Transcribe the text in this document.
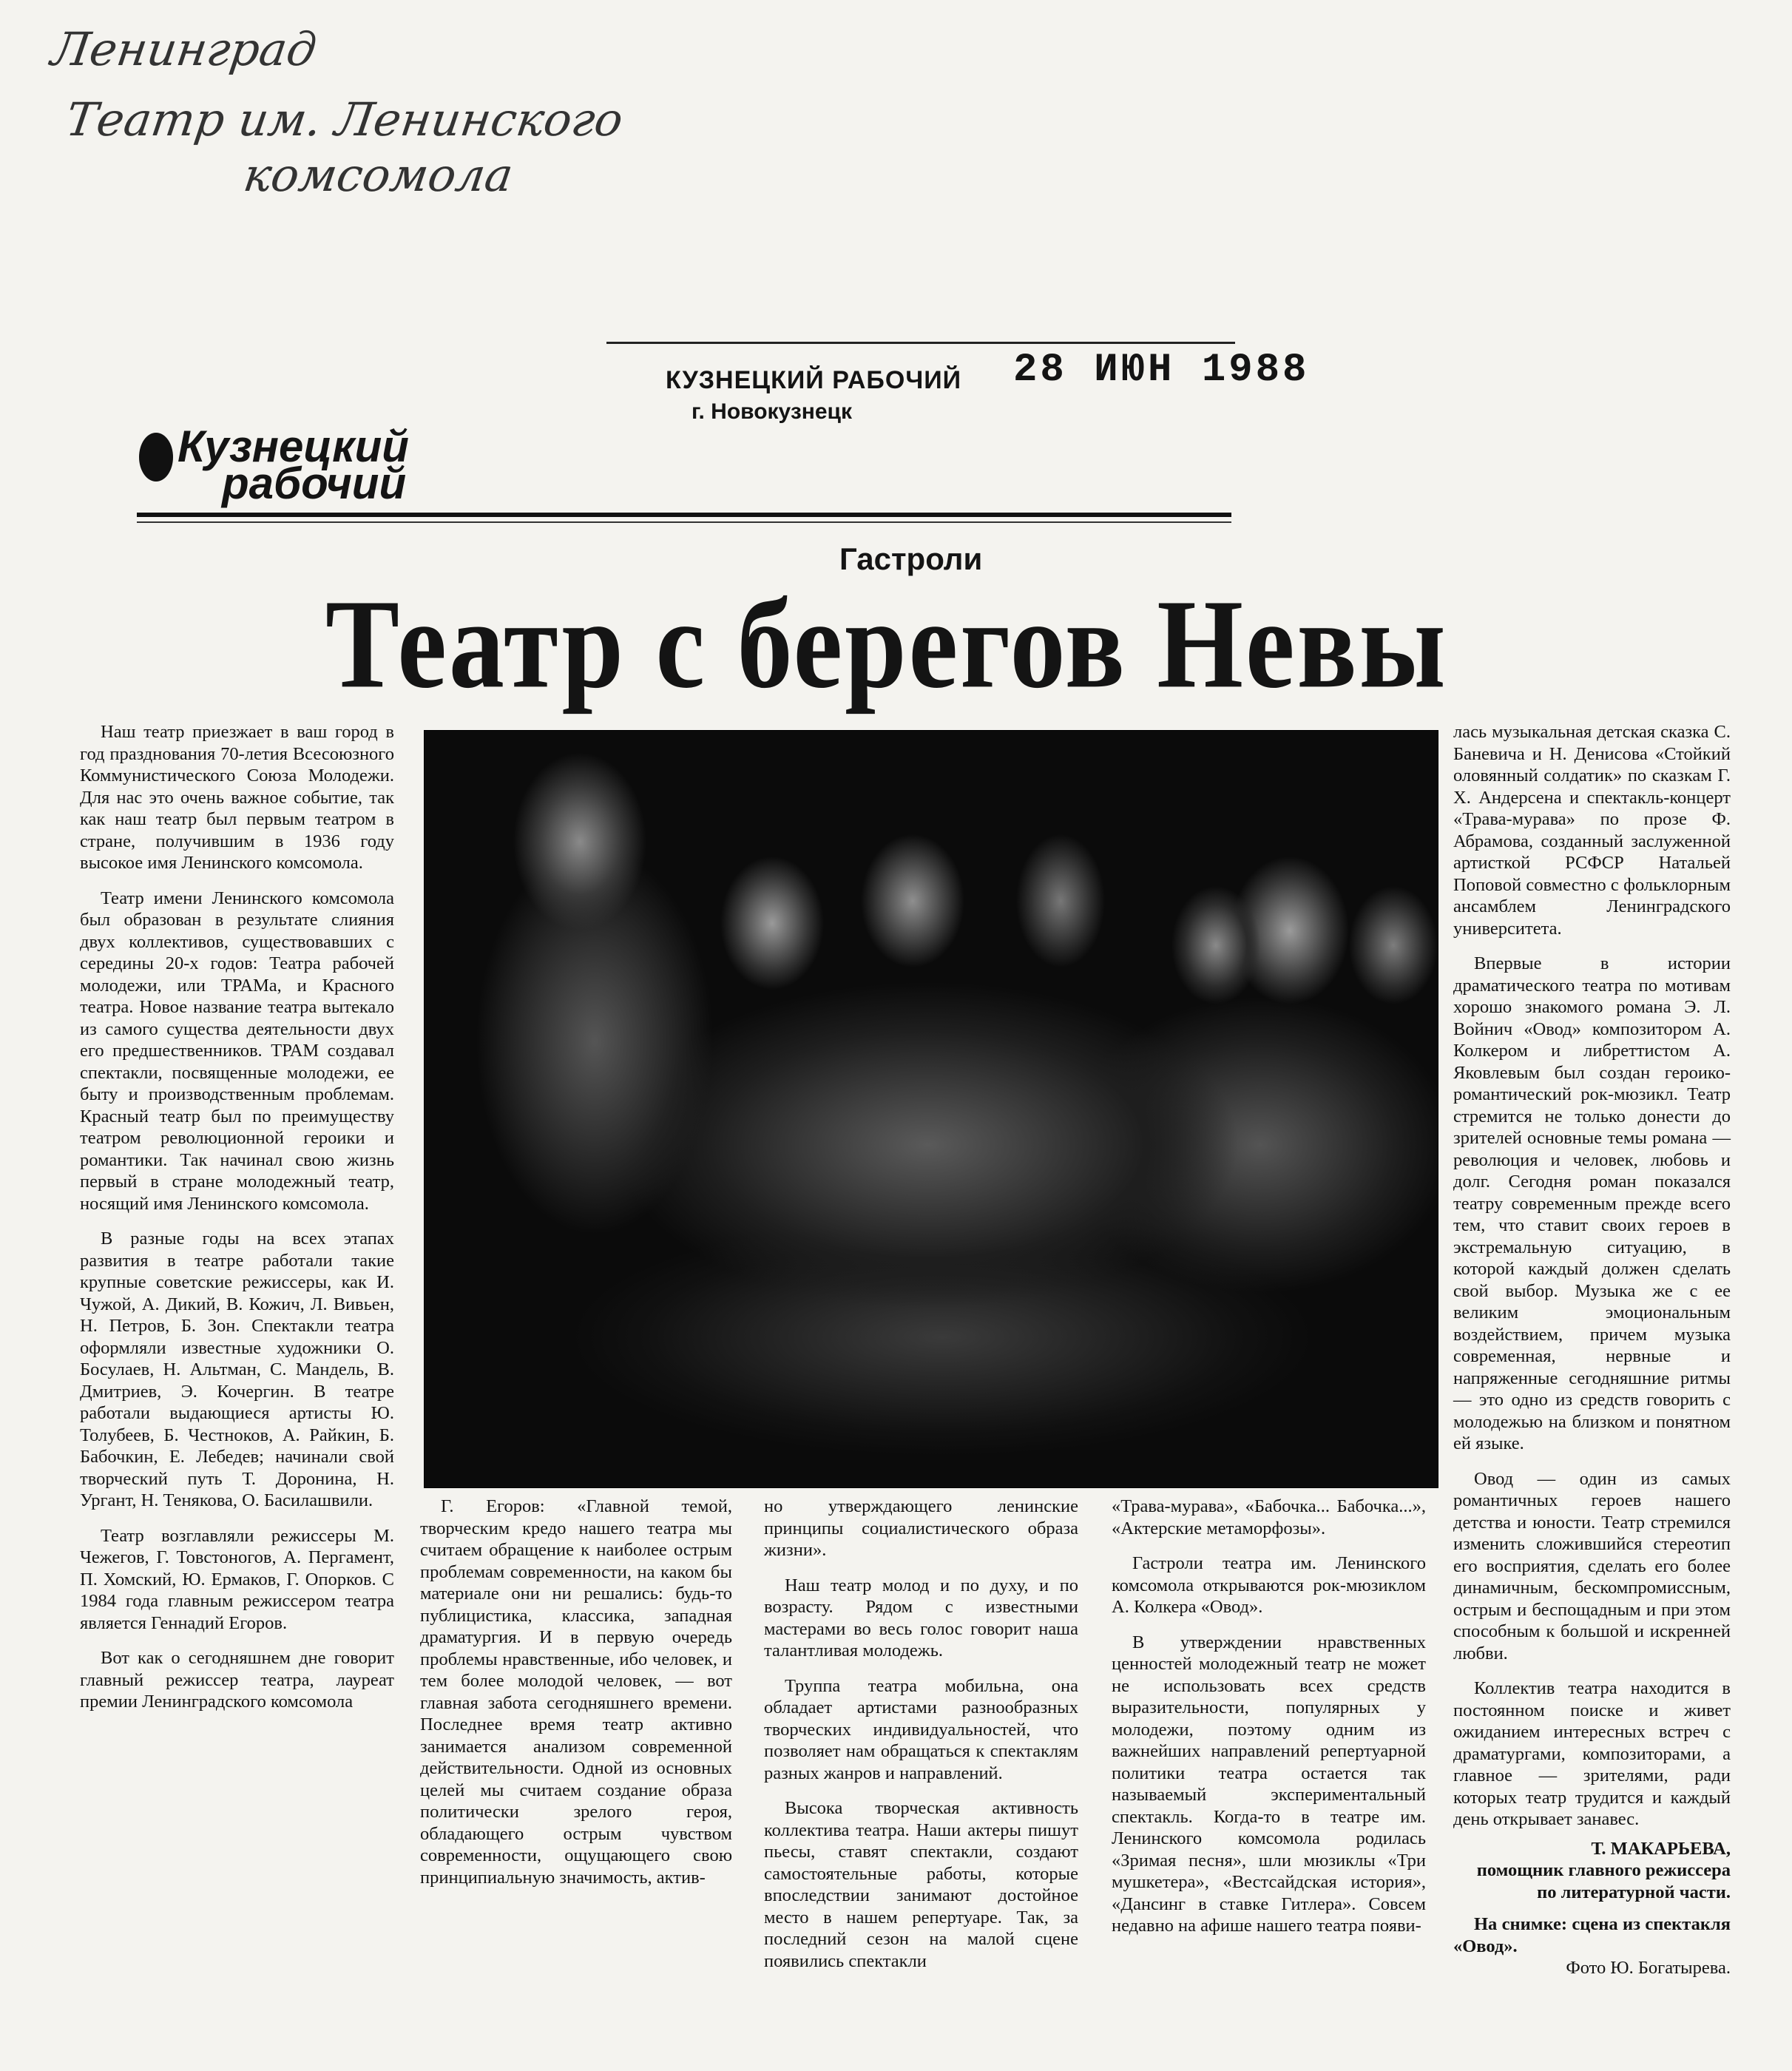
Ленинград
Театр им. Ленинского
комсомола
КУЗНЕЦКИЙ РАБОЧИЙ
г. Новокузнецк
28 ИЮН 1988
Кузнецкий
рабочий
Гастроли
Театр с берегов Невы

Наш театр приезжает в ваш город в год празднования 70-летия Всесоюзного Коммунистического Союза Молодежи. Для нас это очень важное событие, так как наш театр был первым театром в стране, получившим в 1936 году высокое имя Ленинского комсомола.

Театр имени Ленинского комсомола был образован в результате слияния двух коллективов, существовавших с середины 20-х годов: Театра рабочей молодежи, или ТРАМа, и Красного театра. Новое название театра вытекало из самого существа деятельности двух его предшественников. ТРАМ создавал спектакли, посвященные молодежи, ее быту и производственным проблемам. Красный театр был по преимуществу театром революционной героики и романтики. Так начинал свою жизнь первый в стране молодежный театр, носящий имя Ленинского комсомола.

В разные годы на всех этапах развития в театре работали такие крупные советские режиссеры, как И. Чужой, А. Дикий, В. Кожич, Л. Вивьен, Н. Петров, Б. Зон. Спектакли театра оформляли известные художники О. Босулаев, Н. Альтман, С. Мандель, В. Дмитриев, Э. Кочергин. В театре работали выдающиеся артисты Ю. Толубеев, Б. Честноков, А. Райкин, Б. Бабочкин, Е. Лебедев; начинали свой творческий путь Т. Доронина, Н. Ургант, Н. Тенякова, О. Басилашвили.

Театр возглавляли режиссеры М. Чежегов, Г. Товстоногов, А. Пергамент, П. Хомский, Ю. Ермаков, Г. Опорков. С 1984 года главным режиссером театра является Геннадий Егоров.

Вот как о сегодняшнем дне говорит главный режиссер театра, лауреат премии Ленинградского комсомола

Г. Егоров: «Главной темой, творческим кредо нашего театра мы считаем обращение к наиболее острым проблемам современности, на каком бы материале они ни решались: будь-то публицистика, классика, западная драматургия. И в первую очередь проблемы нравственные, ибо человек, и тем более молодой человек, — вот главная забота сегодняшнего времени. Последнее время театр активно занимается анализом современной действительности. Одной из основных целей мы считаем создание образа политически зрелого героя, обладающего острым чувством современности, ощущающего свою принципиальную значимость, актив-

но утверждающего ленинские принципы социалистического образа жизни».

Наш театр молод и по духу, и по возрасту. Рядом с известными мастерами во весь голос говорит наша талантливая молодежь.

Труппа театра мобильна, она обладает артистами разнообразных творческих индивидуальностей, что позволяет нам обращаться к спектаклям разных жанров и направлений.

Высока творческая активность коллектива театра. Наши актеры пишут пьесы, ставят спектакли, создают самостоятельные работы, которые впоследствии занимают достойное место в нашем репертуаре. Так, за последний сезон на малой сцене появились спектакли

«Трава-мурава», «Бабочка... Бабочка...», «Актерские метаморфозы».

Гастроли театра им. Ленинского комсомола открываются рок-мюзиклом А. Колкера «Овод».

В утверждении нравственных ценностей молодежный театр не может не использовать всех средств выразительности, популярных у молодежи, поэтому одним из важнейших направлений репертуарной политики театра остается так называемый экспериментальный спектакль. Когда-то в театре им. Ленинского комсомола родилась «Зримая песня», шли мюзиклы «Три мушкетера», «Вестсайдская история», «Дансинг в ставке Гитлера». Совсем недавно на афише нашего театра появи-

лась музыкальная детская сказка С. Баневича и Н. Денисова «Стойкий оловянный солдатик» по сказкам Г. Х. Андерсена и спектакль-концерт «Трава-мурава» по прозе Ф. Абрамова, созданный заслуженной артисткой РСФСР Натальей Поповой совместно с фольклорным ансамблем Ленинградского университета.

Впервые в истории драматического театра по мотивам хорошо знакомого романа Э. Л. Войнич «Овод» композитором А. Колкером и либреттистом А. Яковлевым был создан героико-романтический рок-мюзикл. Театр стремится не только донести до зрителей основные темы романа — революция и человек, любовь и долг. Сегодня роман показался театру современным прежде всего тем, что ставит своих героев в экстремальную ситуацию, в которой каждый должен сделать свой выбор. Музыка же с ее великим эмоциональным воздействием, причем музыка современная, нервные и напряженные сегодняшние ритмы — это одно из средств говорить с молодежью на близком и понятном ей языке.

Овод — один из самых романтичных героев нашего детства и юности. Театр стремился изменить сложившийся стереотип его восприятия, сделать его более динамичным, бескомпромиссным, острым и беспощадным и при этом способным к большой и искренней любви.

Коллектив театра находится в постоянном поиске и живет ожиданием интересных встреч с драматургами, композиторами, а главное — зрителями, ради которых театр трудится и каждый день открывает занавес.

Т. МАКАРЬЕВА,

помощник главного режиссера по литературной части.

На снимке: сцена из спектакля «Овод».

Фото Ю. Богатырева.
